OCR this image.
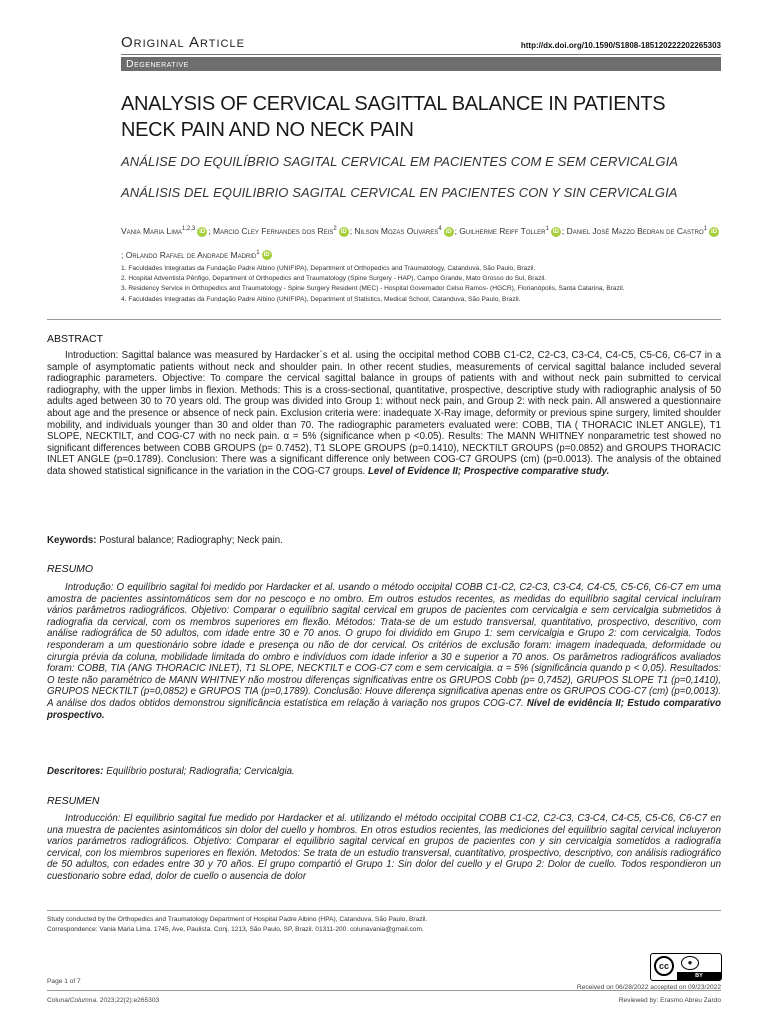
Original Article	http://dx.doi.org/10.1590/S1808-185120222202265303
Degenerative
ANALYSIS OF CERVICAL SAGITTAL BALANCE IN PATIENTS NECK PAIN AND NO NECK PAIN
ANÁLISE DO EQUILÍBRIO SAGITAL CERVICAL EM PACIENTES COM E SEM CERVICALGIA
ANÁLISIS DEL EQUILIBRIO SAGITAL CERVICAL EN PACIENTES CON Y SIN CERVICALGIA
Vania Maria Lima$^{1,2,3}$ iD ; Marcio Cley Fernandes dos Reis$^2$ iD ; Nilson Mozas Olivares$^4$ iD ; Guilherme Reiff Toller$^1$ iD ; Daniel José Mazzo Bedran de Castro$^1$ iD; Orlando Rafael de Andrade Madrid$^1$ iD
1. Faculdades Integradas da Fundação Padre Albino (UNIFIPA), Department of Orthopedics and Traumatology, Catanduva, São Paulo, Brazil.
2. Hospital Adventista Pênfigo, Department of Orthopedics and Traumatology (Spine Surgery - HAP), Campo Grande, Mato Grosso do Sul, Brazil.
3. Residency Service in Orthopedics and Traumatology - Spine Surgery Resident (MEC) - Hospital Governador Celso Ramos- (HGCR), Florianópolis, Santa Catarina, Brazil.
4. Faculdades Integradas da Fundação Padre Albino (UNIFIPA), Department of Statistics, Medical School, Catanduva, São Paulo, Brazil.
ABSTRACT

Introduction: Sagittal balance was measured by Hardacker`s et al. using the occipital method COBB C1-C2, C2-C3, C3-C4, C4-C5, C5-C6, C6-C7 in a sample of asymptomatic patients without neck and shoulder pain. In other recent studies, measurements of cervical sagittal balance included several radiographic parameters. Objective: To compare the cervical sagittal balance in groups of patients with and without neck pain submitted to cervical radiography, with the upper limbs in flexion. Methods: This is a cross-sectional, quantitative, prospective, descriptive study with radiographic analysis of 50 adults aged between 30 to 70 years old. The group was divided into Group 1: without neck pain, and Group 2: with neck pain. All answered a questionnaire about age and the presence or absence of neck pain. Exclusion criteria were: inadequate X-Ray image, deformity or previous spine surgery, limited shoulder mobility, and individuals younger than 30 and older than 70. The radiographic parameters evaluated were: COBB, TIA ( THORACIC INLET ANGLE), T1 SLOPE, NECKTILT, and COG-C7 with no neck pain. α = 5% (significance when p <0.05). Results: The MANN WHITNEY nonparametric test showed no significant differences between COBB GROUPS (p= 0.7452), T1 SLOPE GROUPS (p=0.1410), NECKTILT GROUPS (p=0.0852) and GROUPS THORACIC INLET ANGLE (p=0.1789). Conclusion: There was a significant difference only between COG-C7 GROUPS (cm) (p=0.0013). The analysis of the obtained data showed statistical significance in the variation in the COG-C7 groups. Level of Evidence II; Prospective comparative study.

Keywords: Postural balance; Radiography; Neck pain.

RESUMO

Introdução: O equilíbrio sagital foi medido por Hardacker et al. usando o método occipital COBB C1-C2, C2-C3, C3-C4, C4-C5, C5-C6, C6-C7 em uma amostra de pacientes assintomáticos sem dor no pescoço e no ombro. Em outros estudos recentes, as medidas do equilíbrio sagital cervical incluíram vários parâmetros radiográficos. Objetivo: Comparar o equilíbrio sagital cervical em grupos de pacientes com cervicalgia e sem cervicalgia submetidos à radiografia da cervical, com os membros superiores em flexão. Métodos: Trata-se de um estudo transversal, quantitativo, prospectivo, descritivo, com análise radiográfica de 50 adultos, com idade entre 30 e 70 anos. O grupo foi dividido em Grupo 1: sem cervicalgia e Grupo 2: com cervicalgia. Todos responderam a um questionário sobre idade e presença ou não de dor cervical. Os critérios de exclusão foram: imagem inadequada, deformidade ou cirurgia prévia da coluna, mobilidade limitada do ombro e indivíduos com idade inferior a 30 e superior a 70 anos. Os parâmetros radiográficos avaliados foram: COBB, TIA (ANG THORACIC INLET), T1 SLOPE, NECKTILT e COG-C7 com e sem cervicalgia. α = 5% (significância quando p < 0,05). Resultados: O teste não paramétrico de MANN WHITNEY não mostrou diferenças significativas entre os GRUPOS Cobb (p= 0,7452), GRUPOS SLOPE T1 (p=0,1410), GRUPOS NECKTILT (p=0,0852) e GRUPOS TIA (p=0,1789). Conclusão: Houve diferença significativa apenas entre os GRUPOS COG-C7 (cm) (p=0,0013). A análise dos dados obtidos demonstrou significância estatística em relação à variação nos grupos COG-C7. Nível de evidência II; Estudo comparativo prospectivo.

Descritores: Equilíbrio postural; Radiografia; Cervicalgia.

RESUMEN

Introducción: El equilibrio sagital fue medido por Hardacker et al. utilizando el método occipital COBB C1-C2, C2-C3, C3-C4, C4-C5, C5-C6, C6-C7 en una muestra de pacientes asintomáticos sin dolor del cuello y hombros. En otros estudios recientes, las mediciones del equilibrio sagital cervical incluyeron varios parámetros radiográficos. Objetivo: Comparar el equilibrio sagital cervical en grupos de pacientes con y sin cervicalgia sometidos a radiografía cervical, con los miembros superiores en flexión. Metodos: Se trata de un estudio transversal, cuantitativo, prospectivo, descriptivo, con análisis radiográfico de 50 adultos, con edades entre 30 y 70 años. El grupo compartió el Grupo 1: Sin dolor del cuello y el Grupo 2: Dolor de cuello. Todos respondieron un cuestionario sobre edad, dolor de cuello o ausencia de dolor

Study conducted by the Orthopedics and Traumatology Department of Hospital Padre Albino (HPA), Catanduva, São Paulo, Brazil.
Correspondence: Vania Maria Lima. 1745, Ave, Paulista. Conj. 1213, São Paulo, SP, Brazil. 01311-200. colunavania@gmail.com.
cc	●
BY
Page 1 of 7
Coluna/Columna. 2023;22(2):e265303
Received on 06/28/2022 accepted on 09/23/2022
Reviewed by: Erasmo Abreu Zardo
